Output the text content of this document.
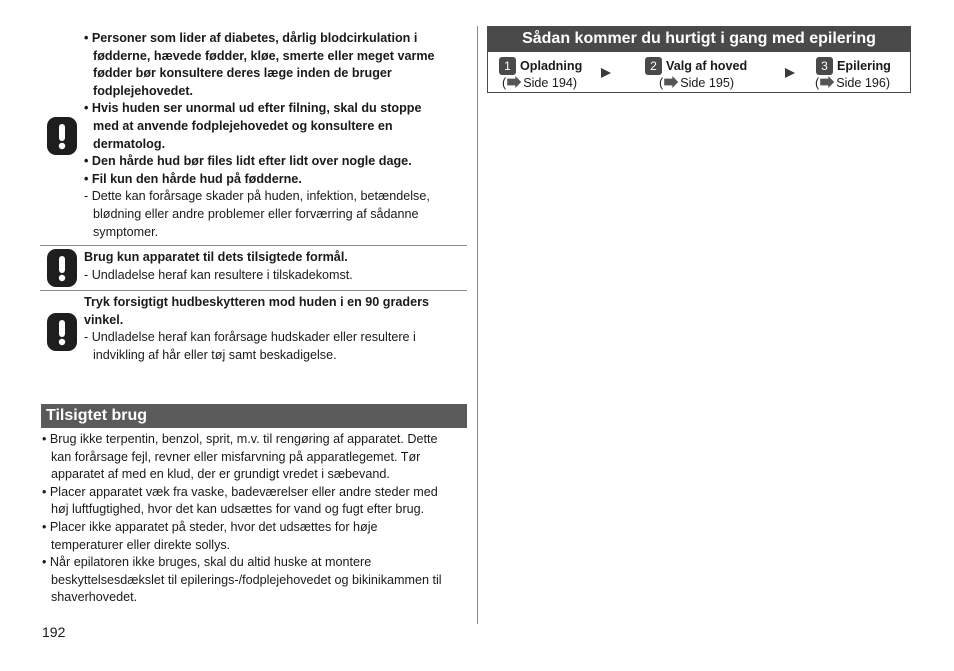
• Personer som lider af diabetes, dårlig blodcirkulation i
fødderne, hævede fødder, kløe, smerte eller meget varme
fødder bør konsultere deres læge inden de bruger
fodplejehovedet.
• Hvis huden ser unormal ud efter filning, skal du stoppe
med at anvende fodplejehovedet og konsultere en
dermatolog.
• Den hårde hud bør files lidt efter lidt over nogle dage.
• Fil kun den hårde hud på fødderne.
- Dette kan forårsage skader på huden, infektion, betændelse,
blødning eller andre problemer eller forværring af sådanne
symptomer.
Brug kun apparatet til dets tilsigtede formål.
- Undladelse heraf kan resultere i tilskadekomst.
Tryk forsigtigt hudbeskytteren mod huden i en 90 graders
vinkel.
- Undladelse heraf kan forårsage hudskader eller resultere i
indvikling af hår eller tøj samt beskadigelse.
Tilsigtet brug
• Brug ikke terpentin, benzol, sprit, m.v. til rengøring af apparatet. Dette
kan forårsage fejl, revner eller misfarvning på apparatlegemet. Tør
apparatet af med en klud, der er grundigt vredet i sæbevand.
• Placer apparatet væk fra vaske, badeværelser eller andre steder med
høj luftfugtighed, hvor det kan udsættes for vand og fugt efter brug.
• Placer ikke apparatet på steder, hvor det udsættes for høje
temperaturer eller direkte sollys.
• Når epilatoren ikke bruges, skal du altid huske at montere
beskyttelsesdækslet til epilerings-/fodplejehovedet og bikinikammen til
shaverhovedet.
192
Sådan kommer du hurtigt i gang med epilering
1 Opladning
( Side 194)
2 Valg af hoved
( Side 195)
3 Epilering
( Side 196)
